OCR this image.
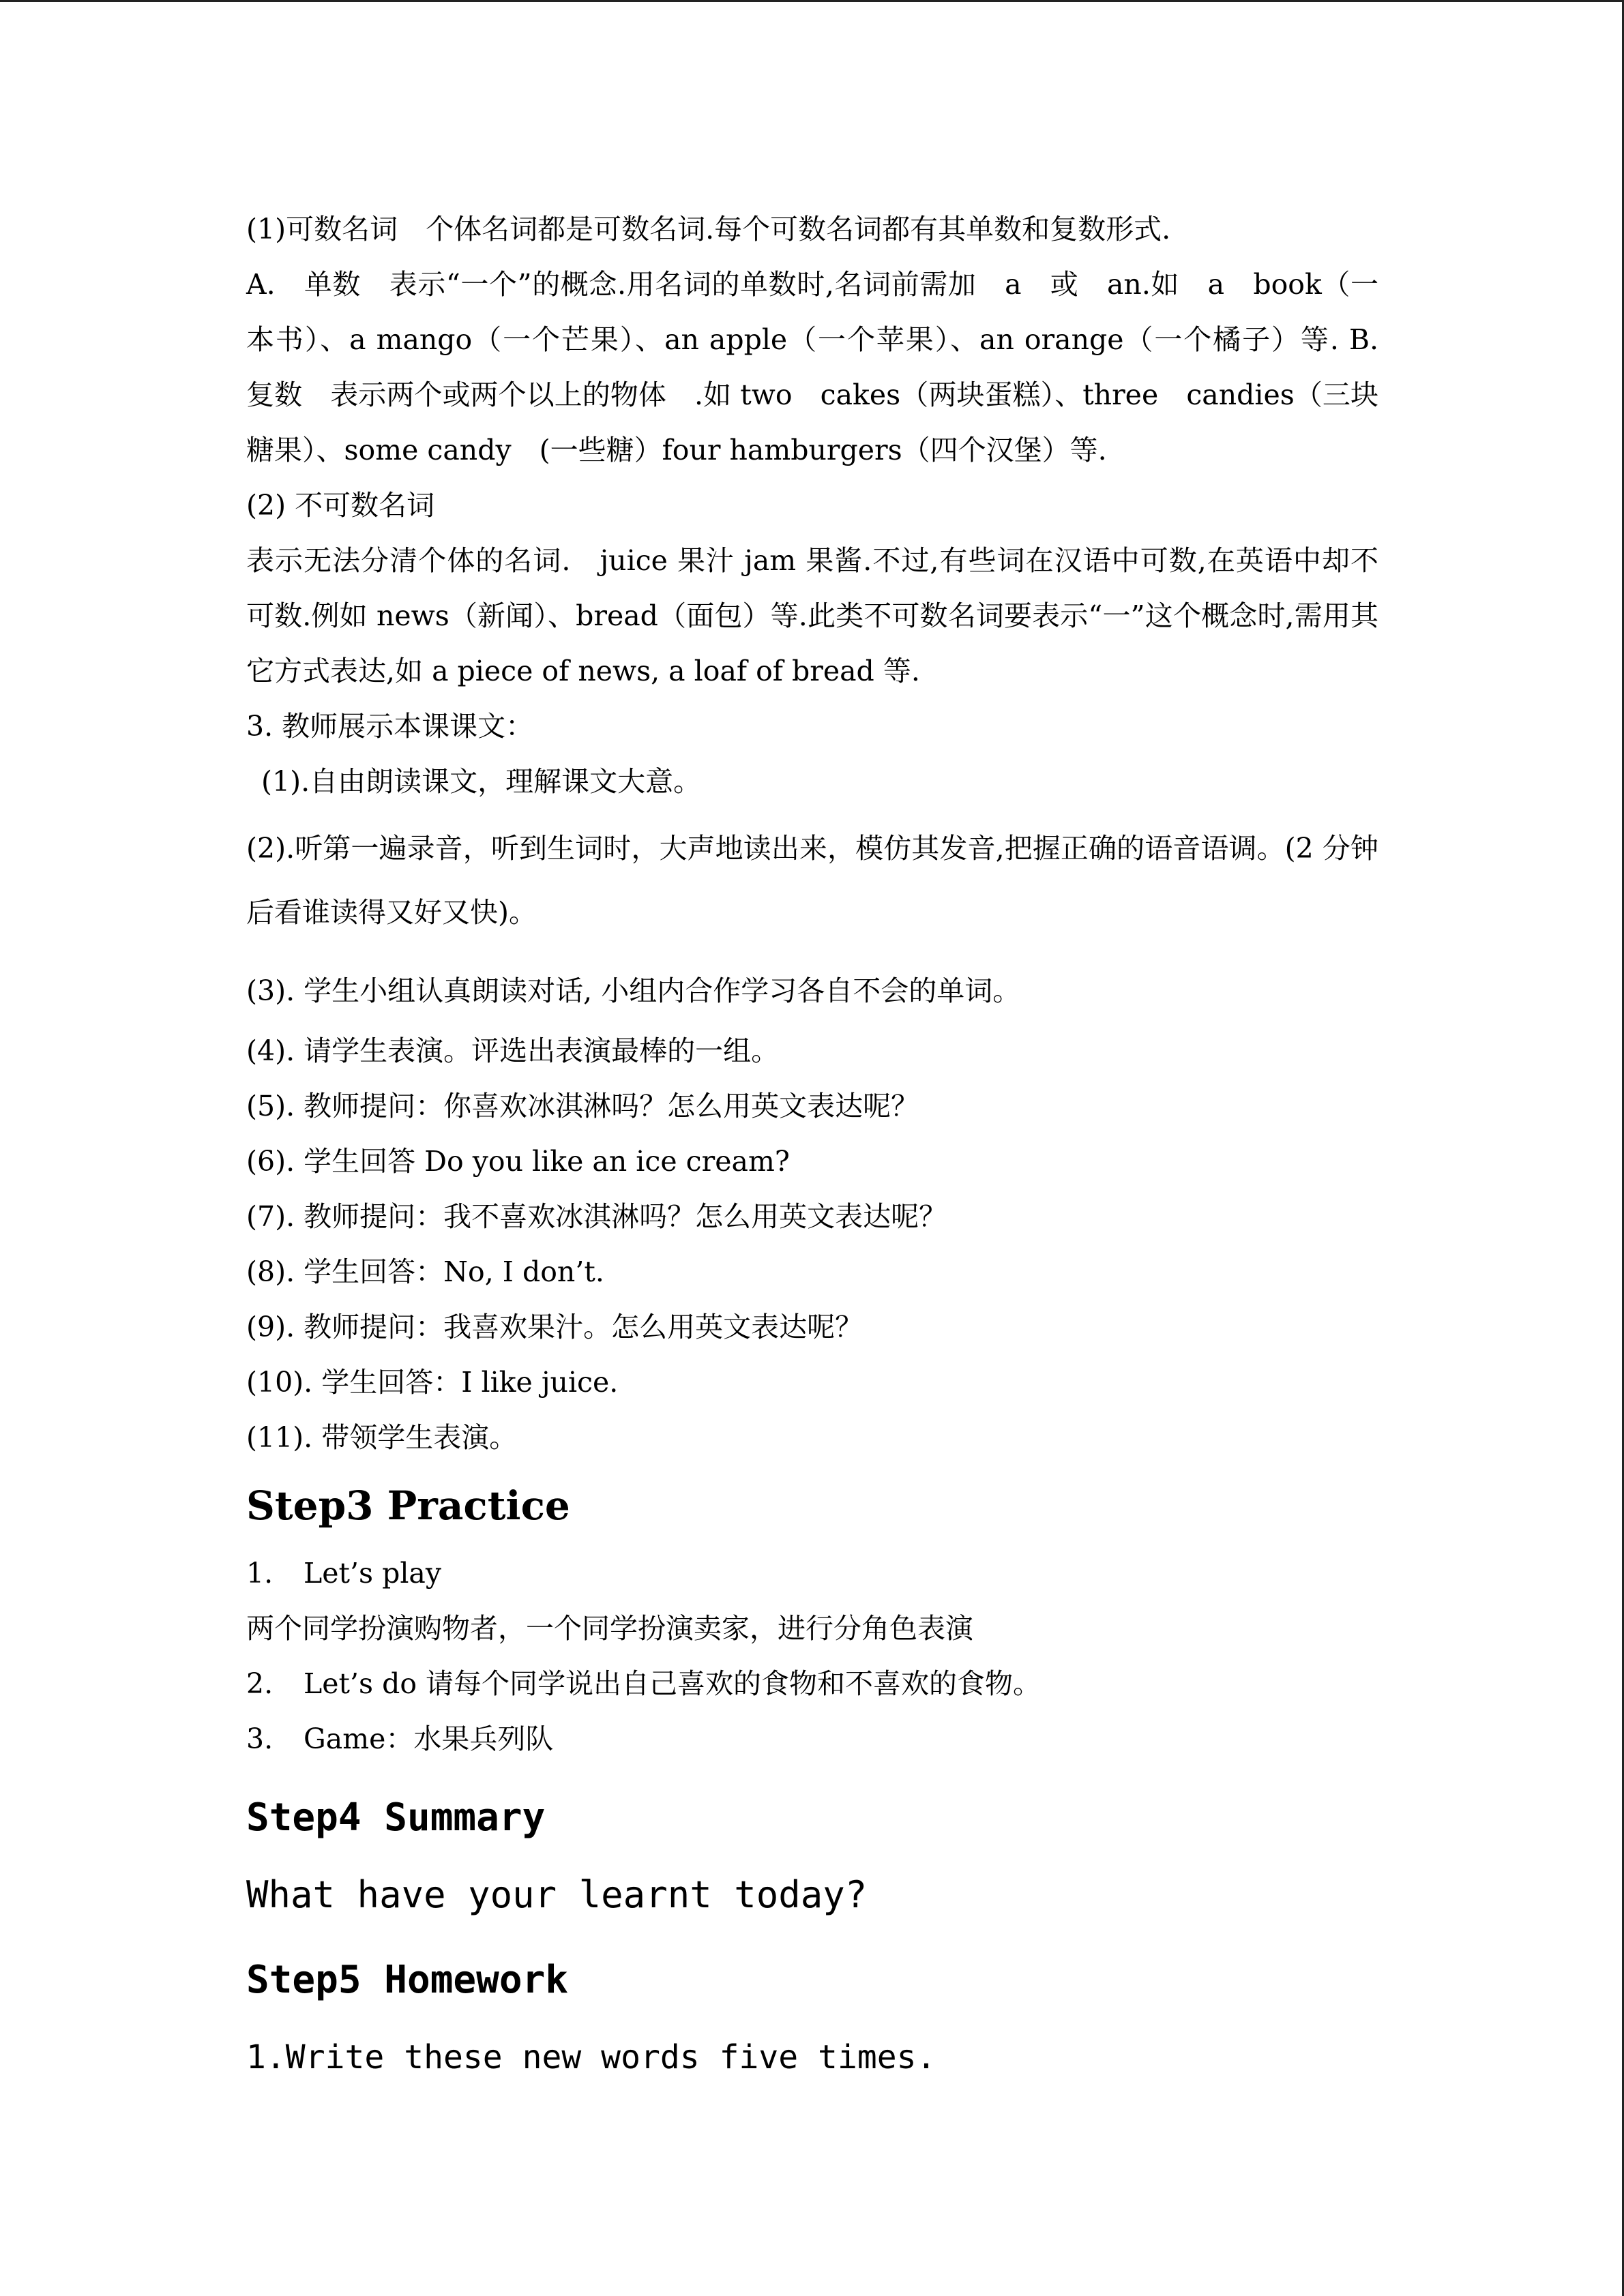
(1)可数名词　个体名词都是可数名词.每个可数名词都有其单数和复数形式.

A.　单数　表示“一个”的概念.用名词的单数时,名词前需加　a　或　an.如　a　book（一本书）、a mango（一个芒果）、an apple（一个苹果）、an orange（一个橘子）等. B.　复数　表示两个或两个以上的物体　.如 two　cakes（两块蛋糕）、three　candies（三块糖果）、some candy　(一些糖）four hamburgers（四个汉堡）等.

(2) 不可数名词

表示无法分清个体的名词.　juice 果汁 jam 果酱.不过,有些词在汉语中可数,在英语中却不可数.例如 news（新闻）、bread（面包）等.此类不可数名词要表示“一”这个概念时,需用其它方式表达,如 a piece of news, a loaf of bread 等.

3. 教师展示本课课文：

(1).自由朗读课文，理解课文大意。

(2).听第一遍录音，听到生词时，大声地读出来，模仿其发音,把握正确的语音语调。(2 分钟后看谁读得又好又快)。

(3). 学生小组认真朗读对话, 小组内合作学习各自不会的单词。

(4). 请学生表演。评选出表演最棒的一组。

(5). 教师提问：你喜欢冰淇淋吗？怎么用英文表达呢？

(6). 学生回答 Do you like an ice cream?

(7). 教师提问：我不喜欢冰淇淋吗？怎么用英文表达呢？

(8). 学生回答：No, I don’t.

(9). 教师提问：我喜欢果汁。怎么用英文表达呢？

(10). 学生回答：I like juice.

(11). 带领学生表演。

Step3 Practice

1. Let’s play

两个同学扮演购物者，一个同学扮演卖家，进行分角色表演

2. Let’s do 请每个同学说出自己喜欢的食物和不喜欢的食物。

3. Game：水果兵列队

Step4 Summary

What have your learnt today?

Step5 Homework

1.Write these new words five times.
